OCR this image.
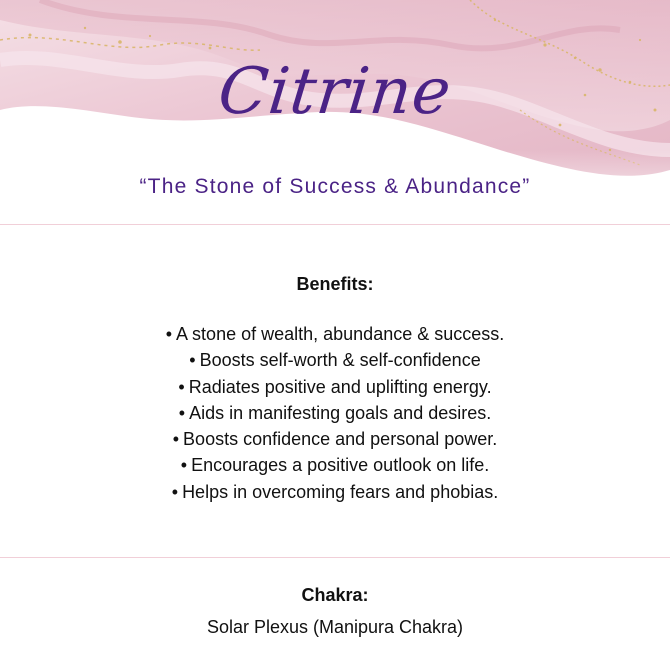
Citrine
“The Stone of Success & Abundance”
Benefits:
• A stone of wealth, abundance & success.
• Boosts self-worth & self-confidence
• Radiates positive and uplifting energy.
• Aids in manifesting goals and desires.
• Boosts confidence and personal power.
• Encourages a positive outlook on life.
• Helps in overcoming fears and phobias.
Chakra:
Solar Plexus (Manipura Chakra)
